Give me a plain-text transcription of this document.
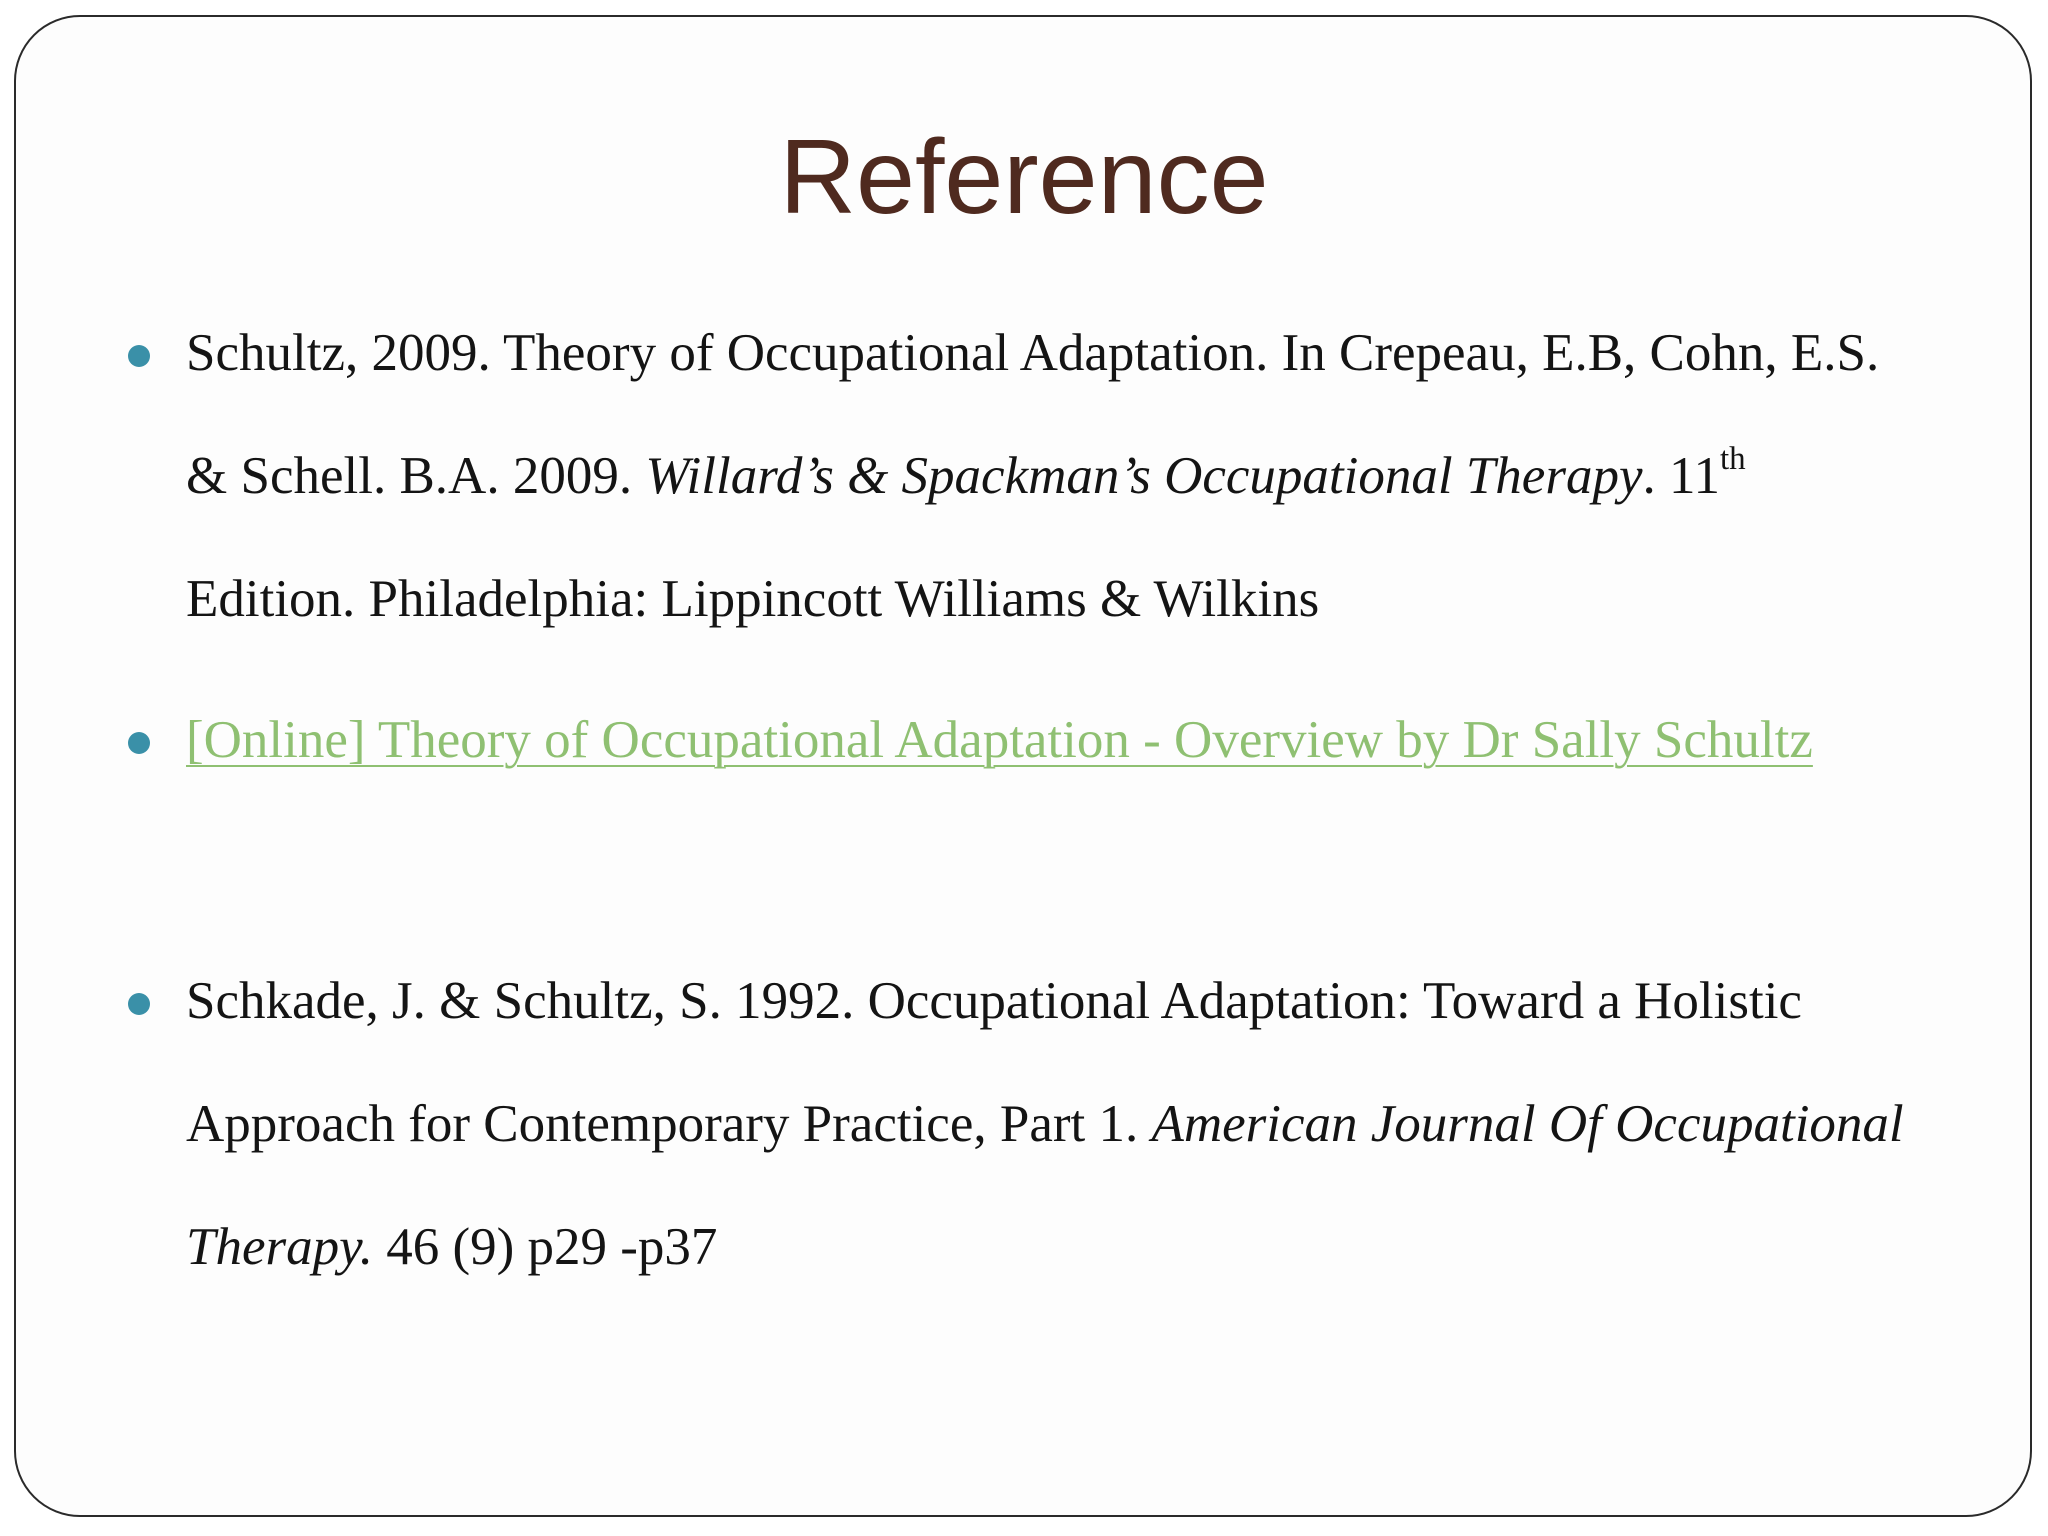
Reference
Schultz, 2009. Theory of Occupational Adaptation. In Crepeau, E.B, Cohn, E.S. & Schell. B.A. 2009. Willard’s & Spackman’s Occupational Therapy. 11th Edition. Philadelphia: Lippincott Williams & Wilkins
[Online] Theory of Occupational Adaptation - Overview by Dr Sally Schultz
Schkade, J. & Schultz, S. 1992. Occupational Adaptation: Toward a Holistic Approach for Contemporary Practice, Part 1. American Journal Of Occupational Therapy. 46 (9) p29 -p37
